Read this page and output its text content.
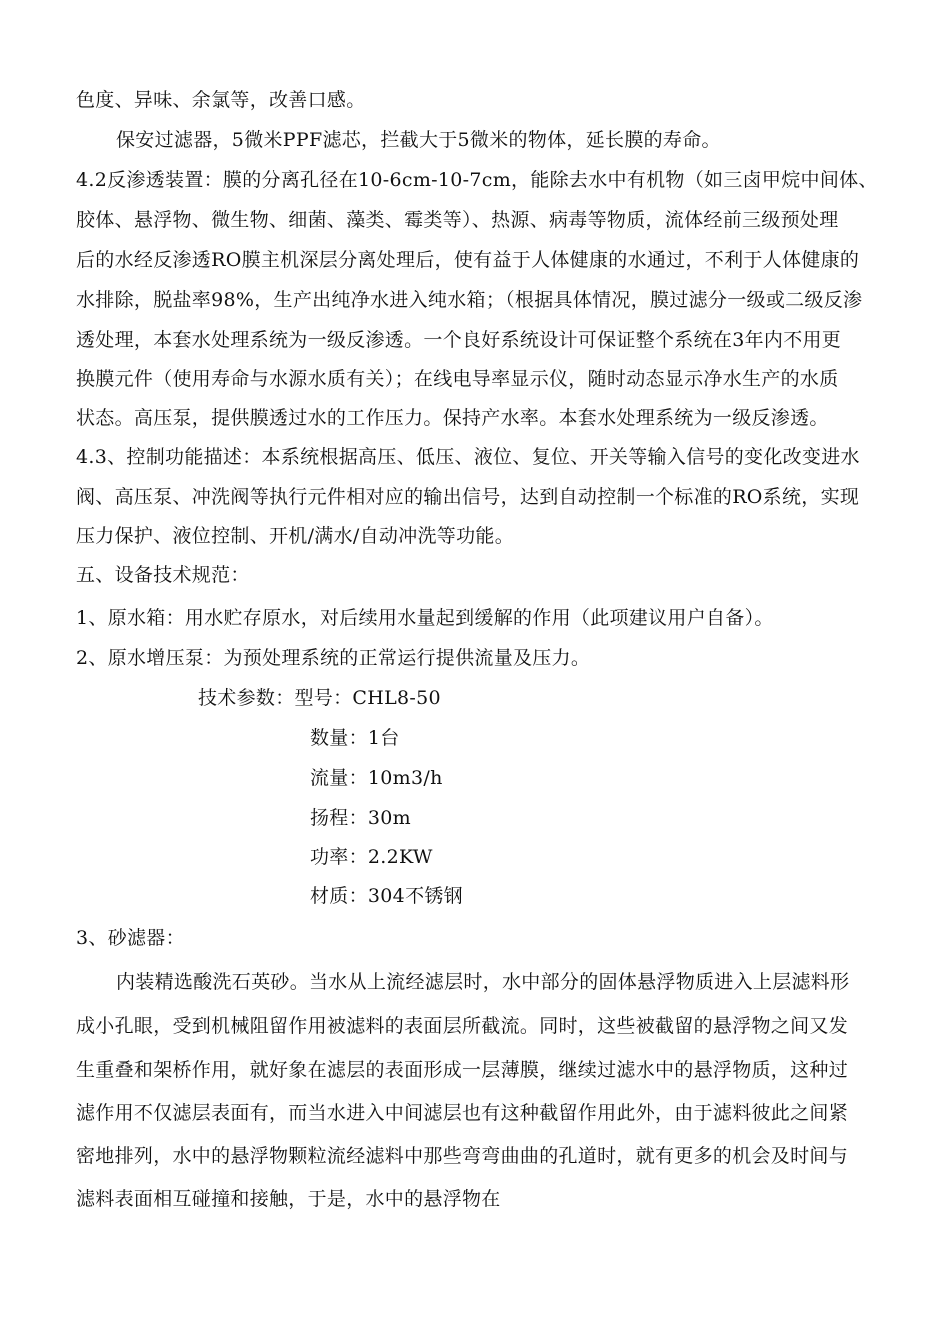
色度、异味、余氯等，改善口感。
保安过滤器，5微米PPF滤芯，拦截大于5微米的物体，延长膜的寿命。
4.2反渗透装置：膜的分离孔径在10-6cm-10-7cm，能除去水中有机物（如三卤甲烷中间体、
胶体、悬浮物、微生物、细菌、藻类、霉类等）、热源、病毒等物质，流体经前三级预处理
后的水经反渗透RO膜主机深层分离处理后，使有益于人体健康的水通过，不利于人体健康的
水排除，脱盐率98%，生产出纯净水进入纯水箱；（根据具体情况，膜过滤分一级或二级反渗
透处理，本套水处理系统为一级反渗透。一个良好系统设计可保证整个系统在3年内不用更
换膜元件（使用寿命与水源水质有关）；在线电导率显示仪，随时动态显示净水生产的水质
状态。高压泵，提供膜透过水的工作压力。保持产水率。本套水处理系统为一级反渗透。
4.3、控制功能描述：本系统根据高压、低压、液位、复位、开关等输入信号的变化改变进水
阀、高压泵、冲洗阀等执行元件相对应的输出信号，达到自动控制一个标准的RO系统，实现
压力保护、液位控制、开机/满水/自动冲洗等功能。
五、设备技术规范：
1、原水箱：用水贮存原水，对后续用水量起到缓解的作用（此项建议用户自备）。
2、原水增压泵：为预处理系统的正常运行提供流量及压力。
技术参数：型号：CHL8-50
数量：1台
流量：10m3/h
扬程：30m
功率：2.2KW
材质：304不锈钢
3、砂滤器：
内装精选酸洗石英砂。当水从上流经滤层时，水中部分的固体悬浮物质进入上层滤料形
成小孔眼，受到机械阻留作用被滤料的表面层所截流。同时，这些被截留的悬浮物之间又发
生重叠和架桥作用，就好象在滤层的表面形成一层薄膜，继续过滤水中的悬浮物质，这种过
滤作用不仅滤层表面有，而当水进入中间滤层也有这种截留作用此外，由于滤料彼此之间紧
密地排列，水中的悬浮物颗粒流经滤料中那些弯弯曲曲的孔道时，就有更多的机会及时间与
滤料表面相互碰撞和接触，于是，水中的悬浮物在
